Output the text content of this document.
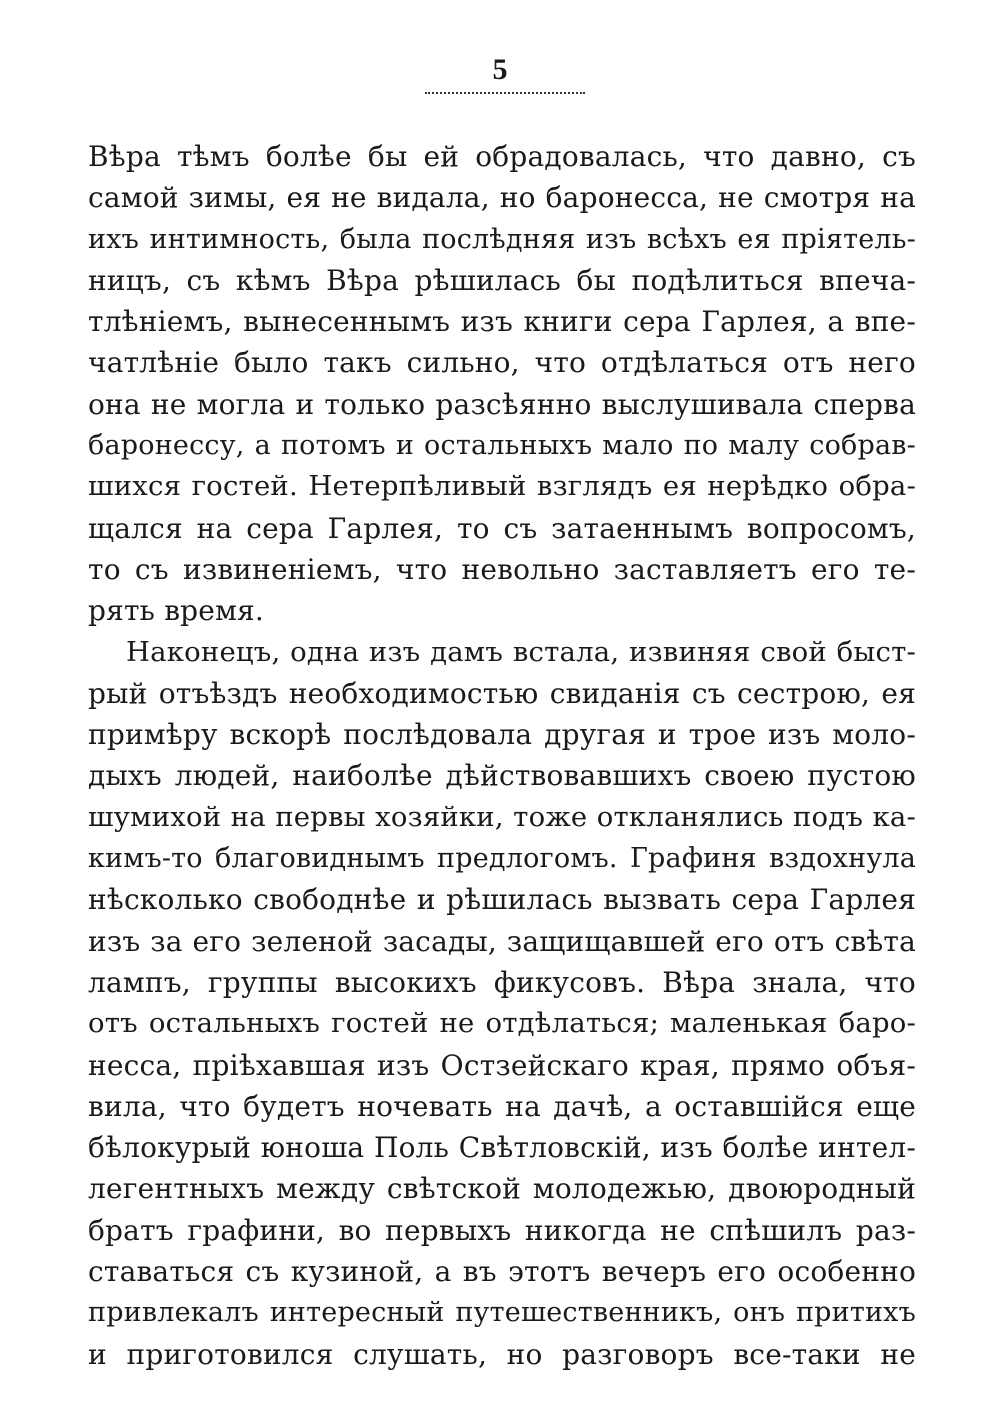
5
Вѣра тѣмъ болѣе бы ей обрадовалась, что давно, съ
самой зимы, ея не видала, но баронесса, не смотря на
ихъ интимность, была послѣдняя изъ всѣхъ ея пріятель-
ницъ, съ кѣмъ Вѣра рѣшилась бы подѣлиться впеча-
тлѣніемъ, вынесеннымъ изъ книги сера Гарлея, а впе-
чатлѣніе было такъ сильно, что отдѣлаться отъ него
она не могла и только разсѣянно выслушивала сперва
баронессу, а потомъ и остальныхъ мало по малу собрав-
шихся гостей. Нетерпѣливый взглядъ ея нерѣдко обра-
щался на сера Гарлея, то съ затаеннымъ вопросомъ,
то съ извиненіемъ, что невольно заставляетъ его те-
рять время.
Наконецъ, одна изъ дамъ встала, извиняя свой быст-
рый отъѣздъ необходимостью свиданія съ сестрою, ея
примѣру вскорѣ послѣдовала другая и трое изъ моло-
дыхъ людей, наиболѣе дѣйствовавшихъ своею пустою
шумихой на первы хозяйки, тоже откланялись подъ ка-
кимъ-то благовиднымъ предлогомъ. Графиня вздохнула
нѣсколько свободнѣе и рѣшилась вызвать сера Гарлея
изъ за его зеленой засады, защищавшей его отъ свѣта
лампъ, группы высокихъ фикусовъ. Вѣра знала, что
отъ остальныхъ гостей не отдѣлаться; маленькая баро-
несса, пріѣхавшая изъ Остзейскаго края, прямо объя-
вила, что будетъ ночевать на дачѣ, а оставшійся еще
бѣлокурый юноша Поль Свѣтловскій, изъ болѣе интел-
легентныхъ между свѣтской молодежью, двоюродный
братъ графини, во первыхъ никогда не спѣшилъ раз-
ставаться съ кузиной, а въ этотъ вечеръ его особенно
привлекалъ интересный путешественникъ, онъ притихъ
и приготовился слушать, но разговоръ все-таки не
